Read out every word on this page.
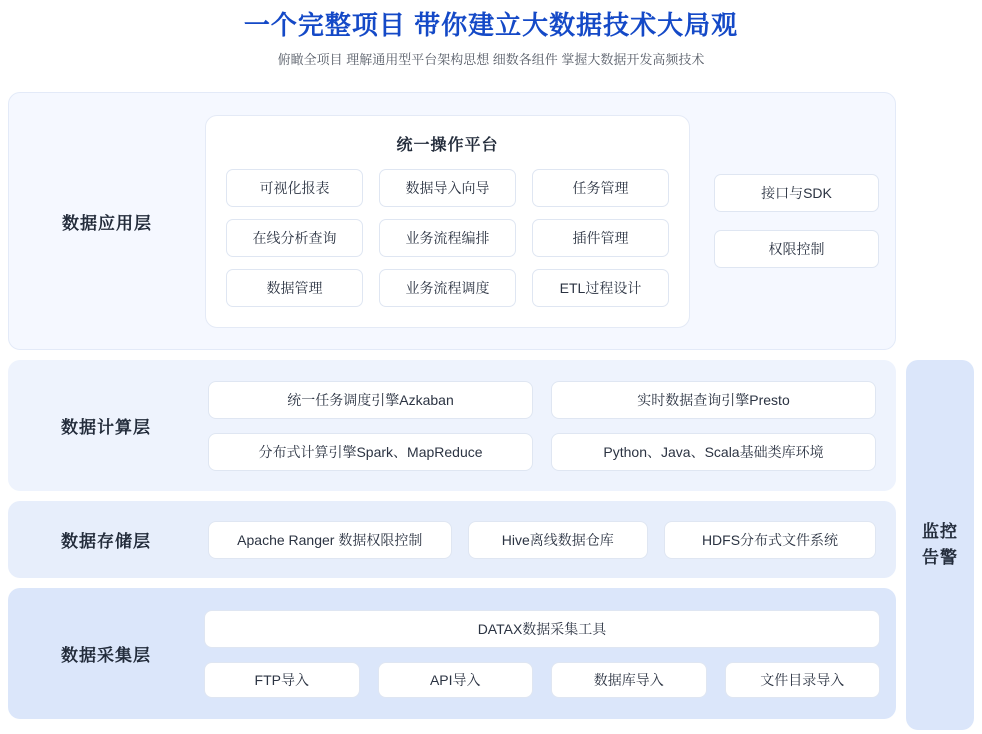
一个完整项目 带你建立大数据技术大局观
俯瞰全项目 理解通用型平台架构思想 细数各组件 掌握大数据开发高频技术
数据应用层
统一操作平台
可视化报表	数据导入向导	任务管理
在线分析查询	业务流程编排	插件管理
数据管理	业务流程调度	ETL过程设计
接口与SDK
权限控制
数据计算层
统一任务调度引擎Azkaban	实时数据查询引擎Presto
分布式计算引擎Spark、MapReduce	Python、Java、Scala基础类库环境
数据存储层	Apache Ranger 数据权限控制	Hive离线数据仓库	HDFS分布式文件系统
数据采集层
DATAX数据采集工具
FTP导入	API导入	数据库导入	文件目录导入
监控
告警
